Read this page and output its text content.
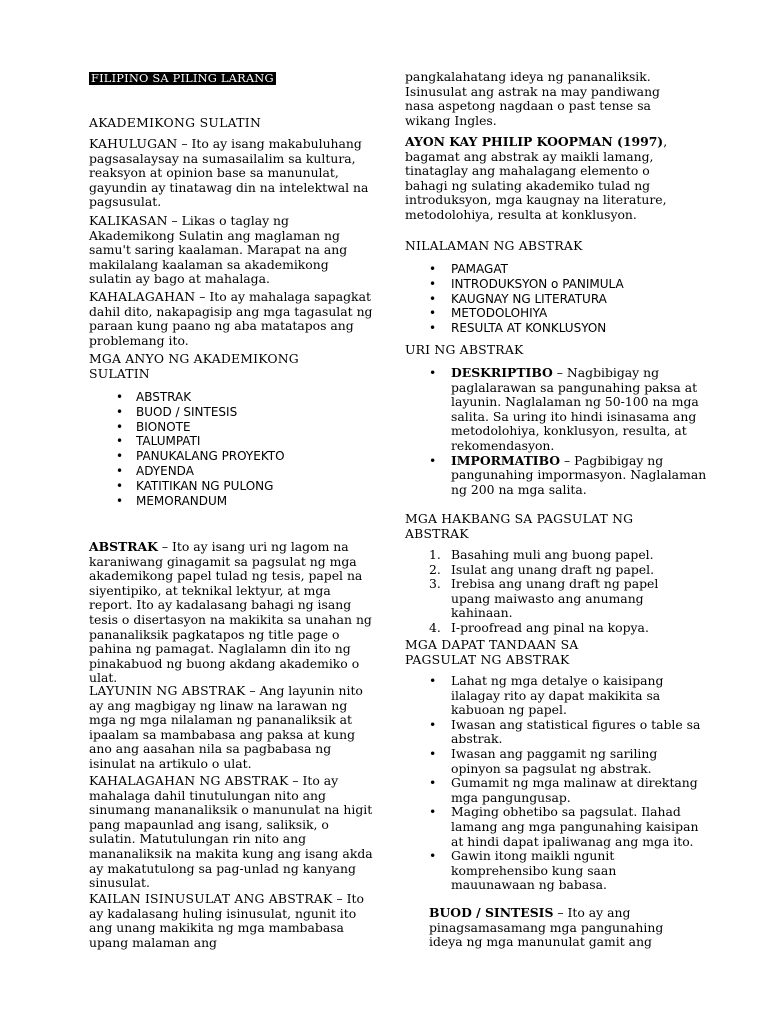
FILIPINO SA PILING LARANG

AKADEMIKONG SULATIN

KAHULUGAN – Ito ay isang makabuluhang pagsasalaysay na sumasailalim sa kultura, reaksyon at opinion base sa manunulat, gayundin ay tinatawag din na intelektwal na pagsusulat.

KALIKASAN – Likas o taglay ng Akademikong Sulatin ang maglaman ng samu't saring kaalaman. Marapat na ang makilalang kaalaman sa akademikong sulatin ay bago at mahalaga.

KAHALAGAHAN – Ito ay mahalaga sapagkat dahil dito, nakapagisip ang mga tagasulat ng paraan kung paano ng aba matatapos ang problemang ito.

MGA ANYO NG AKADEMIKONG SULATIN

• ABSTRAK
• BUOD / SINTESIS
• BIONOTE
• TALUMPATI
• PANUKALANG PROYEKTO
• ADYENDA
• KATITIKAN NG PULONG
• MEMORANDUM

ABSTRAK – Ito ay isang uri ng lagom na karaniwang ginagamit sa pagsulat ng mga akademikong papel tulad ng tesis, papel na siyentipiko, at teknikal lektyur, at mga report. Ito ay kadalasang bahagi ng isang tesis o disertasyon na makikita sa unahan ng pananaliksik pagkatapos ng title page o pahina ng pamagat. Naglalamn din ito ng pinakabuod ng buong akdang akademiko o ulat.

LAYUNIN NG ABSTRAK – Ang layunin nito ay ang magbigay ng linaw na larawan ng mga ng mga nilalaman ng pananaliksik at ipaalam sa mambabasa ang paksa at kung ano ang aasahan nila sa pagbabasa ng isinulat na artikulo o ulat.

KAHALAGAHAN NG ABSTRAK – Ito ay mahalaga dahil tinutulungan nito ang sinumang mananaliksik o manunulat na higit pang mapaunlad ang isang, saliksik, o sulatin. Matutulungan rin nito ang mananaliksik na makita kung ang isang akda ay makatutulong sa pag-unlad ng kanyang sinusulat.

KAILAN ISINUSULAT ANG ABSTRAK – Ito ay kadalasang huling isinusulat, ngunit ito ang unang makikita ng mga mambabasa upang malaman ang

pangkalahatang ideya ng pananaliksik. Isinusulat ang astrak na may pandiwang nasa aspetong nagdaan o past tense sa wikang Ingles.

AYON KAY PHILIP KOOPMAN (1997), bagamat ang abstrak ay maikli lamang, tinataglay ang mahalagang elemento o bahagi ng sulating akademiko tulad ng introduksyon, mga kaugnay na literature, metodolohiya, resulta at konklusyon.

NILALAMAN NG ABSTRAK

• PAMAGAT
• INTRODUKSYON o PANIMULA
• KAUGNAY NG LITERATURA
• METODOLOHIYA
• RESULTA AT KONKLUSYON

URI NG ABSTRAK

• DESKRIPTIBO – Nagbibigay ng paglalarawan sa pangunahing paksa at layunin. Naglalaman ng 50-100 na mga salita. Sa uring ito hindi isinasama ang metodolohiya, konklusyon, resulta, at rekomendasyon.
• IMPORMATIBO – Pagbibigay ng pangunahing impormasyon. Naglalaman ng 200 na mga salita.

MGA HAKBANG SA PAGSULAT NG ABSTRAK

1. Basahing muli ang buong papel.
2. Isulat ang unang draft ng papel.
3. Irebisa ang unang draft ng papel upang maiwasto ang anumang kahinaan.
4. I-proofread ang pinal na kopya.

MGA DAPAT TANDAAN SA PAGSULAT NG ABSTRAK

• Lahat ng mga detalye o kaisipang ilalagay rito ay dapat makikita sa kabuoan ng papel.
• Iwasan ang statistical figures o table sa abstrak.
• Iwasan ang paggamit ng sariling opinyon sa pagsulat ng abstrak.
• Gumamit ng mga malinaw at direktang mga pangungusap.
• Maging obhetibo sa pagsulat. Ilahad lamang ang mga pangunahing kaisipan at hindi dapat ipaliwanag ang mga ito.
• Gawin itong maikli ngunit komprehensibo kung saan mauunawaan ng babasa.

BUOD / SINTESIS – Ito ay ang pinagsamasamang mga pangunahing ideya ng mga manunulat gamit ang
